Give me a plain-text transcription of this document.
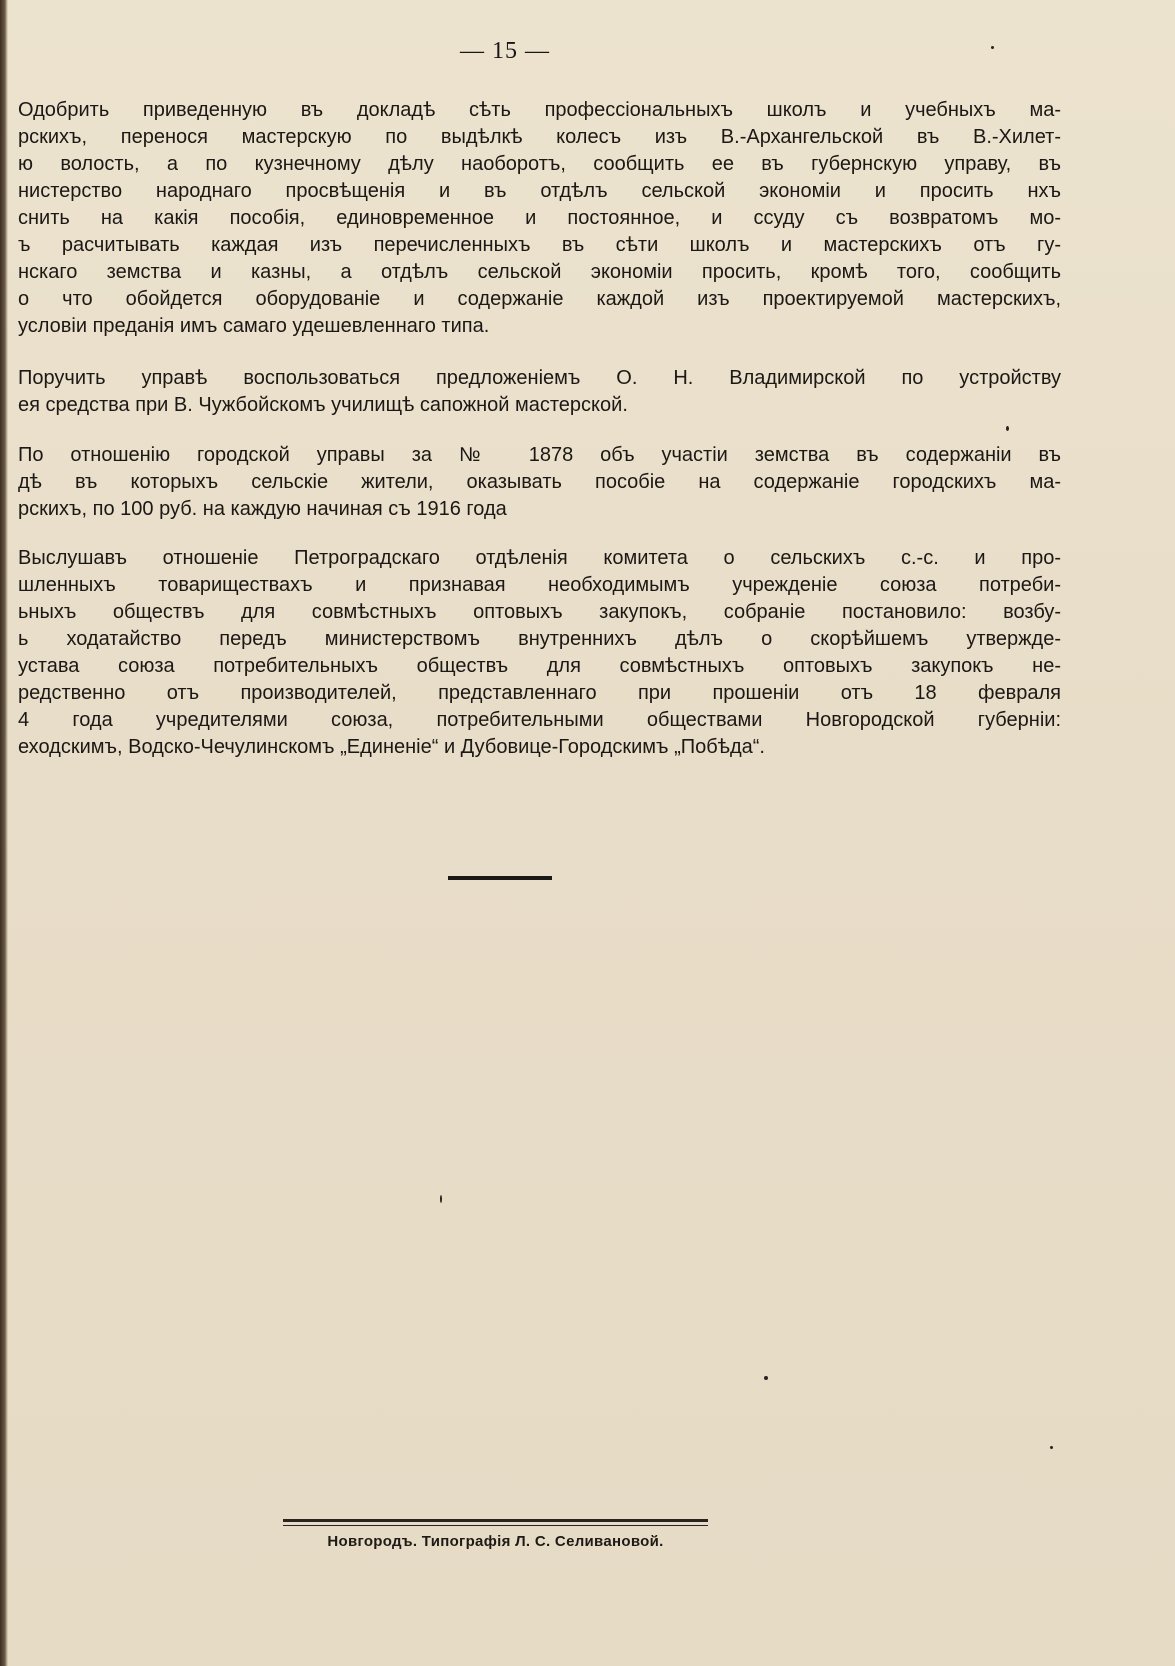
— 15 —

Одобрить приведенную въ докладѣ сѣть профессіональныхъ школъ и учебныхъ ма-
рскихъ, перенося мастерскую по выдѣлкѣ колесъ изъ В.-Архангельской въ В.-Хилет-
ю волость, а по кузнечному дѣлу наоборотъ, сообщить ее въ губернскую управу, въ
нистерство народнаго просвѣщенія и въ отдѣлъ сельской экономіи и просить нхъ
снить на какія пособія, единовременное и постоянное, и ссуду съ возвратомъ мо-
ъ расчитывать каждая изъ перечисленныхъ въ сѣти школъ и мастерскихъ отъ гу-
нскаго земства и казны, а отдѣлъ сельской экономіи просить, кромѣ того, сообщить
о что обойдется оборудованіе и содержаніе каждой изъ проектируемой мастерскихъ,
условіи преданія имъ самаго удешевленнаго типа.

Поручить управѣ воспользоваться предложеніемъ О. Н. Владимирской по устройству
ея средства при В. Чужбойскомъ училищѣ сапожной мастерской.

По отношенію городской управы за № 1878 объ участіи земства въ содержаніи въ
дѣ въ которыхъ сельскіе жители, оказывать пособіе на содержаніе городскихъ ма-
рскихъ, по 100 руб. на каждую начиная съ 1916 года

Выслушавъ отношеніе Петроградскаго отдѣленія комитета о сельскихъ с.-с. и про-
шленныхъ товариществахъ и признавая необходимымъ учрежденіе союза потреби-
ьныхъ обществъ для совмѣстныхъ оптовыхъ закупокъ, собраніе постановило: возбу-
ь ходатайство передъ министерствомъ внутреннихъ дѣлъ о скорѣйшемъ утвержде-
устава союза потребительныхъ обществъ для совмѣстныхъ оптовыхъ закупокъ не-
редственно отъ производителей, представленнаго при прошеніи отъ 18 февраля
4 года учредителями союза, потребительными обществами Новгородской губерніи:
еходскимъ, Водско-Чечулинскомъ „Единеніе“ и Дубовице-Городскимъ „Побѣда“.

Новгородъ. Типографія Л. С. Селивановой.
